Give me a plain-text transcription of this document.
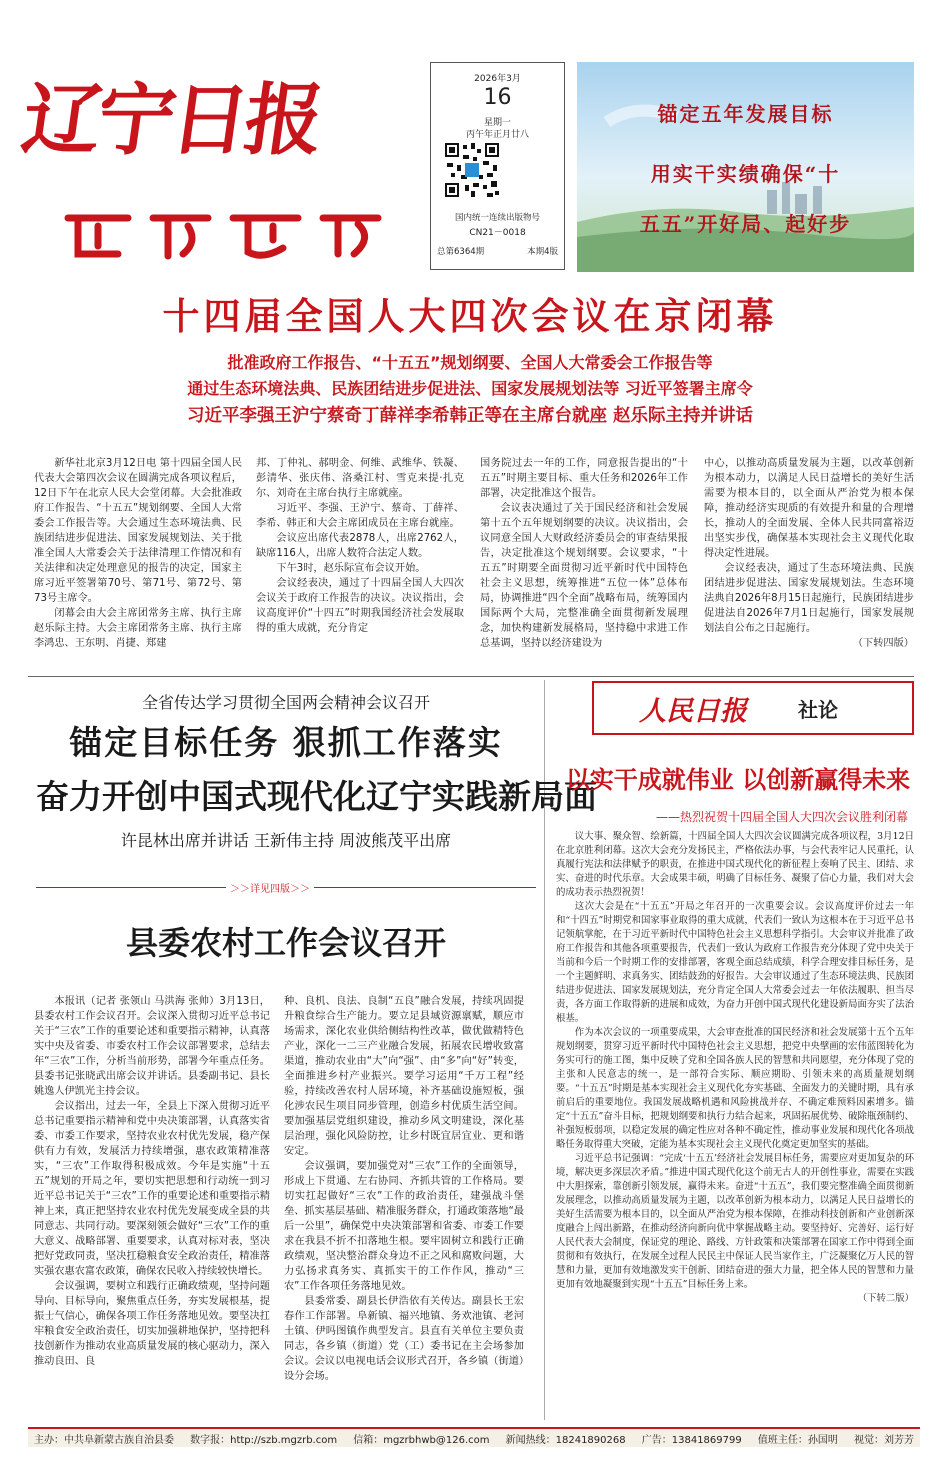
辽宁日报	2026年3月
16
星期一
丙午年正月廿八
国内统一连续出版物号
CN21－0018
总第6364期	本期4版
锚定五年发展目标
用实干实绩确保“十
五五”开好局、起好步
十四届全国人大四次会议在京闭幕
批准政府工作报告、“十五五”规划纲要、全国人大常委会工作报告等
通过生态环境法典、民族团结进步促进法、国家发展规划法等 习近平签署主席令
习近平李强王沪宁蔡奇丁薛祥李希韩正等在主席台就座 赵乐际主持并讲话

新华社北京3月12日电 第十四届全国人民代表大会第四次会议在圆满完成各项议程后，12日下午在北京人民大会堂闭幕。大会批准政府工作报告、“十五五”规划纲要、全国人大常委会工作报告等。大会通过生态环境法典、民族团结进步促进法、国家发展规划法、关于批准全国人大常委会关于法律清理工作情况和有关法律和决定处理意见的报告的决定，国家主席习近平签署第70号、第71号、第72号、第73号主席令。

闭幕会由大会主席团常务主席、执行主席赵乐际主持。大会主席团常务主席、执行主席李鸿忠、王东明、肖捷、郑建

邦、丁仲礼、郝明金、何维、武维华、铁凝、彭清华、张庆伟、洛桑江村、雪克来提·扎克尔、刘奇在主席台执行主席就座。

习近平、李强、王沪宁、蔡奇、丁薛祥、李希、韩正和大会主席团成员在主席台就座。

会议应出席代表2878人，出席2762人，缺席116人，出席人数符合法定人数。

下午3时，赵乐际宣布会议开始。

会议经表决，通过了十四届全国人大四次会议关于政府工作报告的决议。决议指出，会议高度评价“十四五”时期我国经济社会发展取得的重大成就，充分肯定

国务院过去一年的工作，同意报告提出的“十五五”时期主要目标、重大任务和2026年工作部署，决定批准这个报告。

会议表决通过了关于国民经济和社会发展第十五个五年规划纲要的决议。决议指出，会议同意全国人大财政经济委员会的审查结果报告，决定批准这个规划纲要。会议要求，“十五五”时期要全面贯彻习近平新时代中国特色社会主义思想，统筹推进“五位一体”总体布局，协调推进“四个全面”战略布局，统筹国内国际两个大局，完整准确全面贯彻新发展理念，加快构建新发展格局，坚持稳中求进工作总基调，坚持以经济建设为

中心，以推动高质量发展为主题，以改革创新为根本动力，以满足人民日益增长的美好生活需要为根本目的，以全面从严治党为根本保障，推动经济实现质的有效提升和量的合理增长，推动人的全面发展、全体人民共同富裕迈出坚实步伐，确保基本实现社会主义现代化取得决定性进展。

会议经表决，通过了生态环境法典、民族团结进步促进法、国家发展规划法。生态环境法典自2026年8月15日起施行，民族团结进步促进法自2026年7月1日起施行，国家发展规划法自公布之日起施行。

（下转四版）
全省传达学习贯彻全国两会精神会议召开
锚定目标任务 狠抓工作落实
奋力开创中国式现代化辽宁实践新局面
许昆林出席并讲话 王新伟主持 周波熊茂平出席
＞＞详见四版＞＞
县委农村工作会议召开

本报讯（记者 张领山 马洪海 张帅）3月13日，县委农村工作会议召开。会议深入贯彻习近平总书记关于“三农”工作的重要论述和重要指示精神，认真落实中央及省委、市委农村工作会议部署要求，总结去年“三农”工作，分析当前形势，部署今年重点任务。县委书记张晓武出席会议并讲话。县委副书记、县长姚逸人伊凯光主持会议。

会议指出，过去一年，全县上下深入贯彻习近平总书记重要指示精神和党中央决策部署，认真落实省委、市委工作要求，坚持农业农村优先发展，稳产保供有力有效，发展活力持续增强，惠农政策精准落实，“三农”工作取得积极成效。今年是实施“十五五”规划的开局之年，要切实把思想和行动统一到习近平总书记关于“三农”工作的重要论述和重要指示精神上来，真正把坚持农业农村优先发展变成全县的共同意志、共同行动。要深刻领会做好“三农”工作的重大意义、战略部署、重要要求，认真对标对表，坚决把好党政同责，坚决扛稳粮食安全政治责任，精准落实强农惠农富农政策，确保农民收入持续较快增长。

会议强调，要树立和践行正确政绩观，坚持问题导向、目标导向，聚焦重点任务，夯实发展根基，提振士气信心，确保各项工作任务落地见效。要坚决扛牢粮食安全政治责任，切实加强耕地保护，坚持把科技创新作为推动农业高质量发展的核心驱动力，深入推动良田、良

种、良机、良法、良制“五良”融合发展，持续巩固提升粮食综合生产能力。要立足县域资源禀赋，顺应市场需求，深化农业供给侧结构性改革，做优做精特色产业，深化一二三产业融合发展，拓展农民增收致富渠道，推动农业由“大”向“强”、由“多”向“好”转变，全面推进乡村产业振兴。要学习运用“千万工程”经验，持续改善农村人居环境，补齐基础设施短板，强化涉农民生项目同步管理，创造乡村优质生活空间。要加强基层党组织建设，推动乡风文明建设，深化基层治理，强化风险防控，让乡村既宜居宜业、更和谐安定。

会议强调，要加强党对“三农”工作的全面领导，形成上下贯通、左右协同、齐抓共管的工作格局。要切实扛起做好“三农”工作的政治责任，建强战斗堡垒、抓实基层基础、精准服务群众，打通政策落地“最后一公里”，确保党中央决策部署和省委、市委工作要求在我县不折不扣落地生根。要牢固树立和践行正确政绩观，坚决整治群众身边不正之风和腐败问题，大力弘扬求真务实、真抓实干的工作作风，推动“三农”工作各项任务落地见效。

县委常委、副县长伊浩依有关传达。副县长王宏春作工作部署。阜新镇、福兴地镇、务欢池镇、老河土镇、伊吗图镇作典型发言。县直有关单位主要负责同志，各乡镇（街道）党（工）委书记在主会场参加会议。会议以电视电话会议形式召开，各乡镇（街道）设分会场。

人民日报	社论
以实干成就伟业 以创新赢得未来
——热烈祝贺十四届全国人大四次会议胜利闭幕

议大事、聚众智、绘新篇，十四届全国人大四次会议圆满完成各项议程，3月12日在北京胜利闭幕。这次大会充分发扬民主，严格依法办事，与会代表牢记人民重托，认真履行宪法和法律赋予的职责，在推进中国式现代化的新征程上奏响了民主、团结、求实、奋进的时代乐章。大会成果丰硕，明确了目标任务、凝聚了信心力量，我们对大会的成功表示热烈祝贺！

这次大会是在“十五五”开局之年召开的一次重要会议。会议高度评价过去一年和“十四五”时期党和国家事业取得的重大成就，代表们一致认为这根本在于习近平总书记领航掌舵，在于习近平新时代中国特色社会主义思想科学指引。大会审议并批准了政府工作报告和其他各项重要报告，代表们一致认为政府工作报告充分体现了党中央关于当前和今后一个时期工作的安排部署，客观全面总结成绩，科学合理安排目标任务，是一个主题鲜明、求真务实、团结鼓劲的好报告。大会审议通过了生态环境法典、民族团结进步促进法、国家发展规划法，充分肯定全国人大常委会过去一年依法履职、担当尽责，各方面工作取得新的进展和成效，为奋力开创中国式现代化建设新局面夯实了法治根基。

作为本次会议的一项重要成果，大会审查批准的国民经济和社会发展第十五个五年规划纲要，贯穿习近平新时代中国特色社会主义思想，把党中央擘画的宏伟蓝图转化为务实可行的施工图，集中反映了党和全国各族人民的智慧和共同愿望，充分体现了党的主张和人民意志的统一，是一部符合实际、顺应期盼、引领未来的高质量规划纲要。“十五五”时期是基本实现社会主义现代化夯实基础、全面发力的关键时期，具有承前启后的重要地位。我国发展战略机遇和风险挑战并存、不确定难预料因素增多。锚定“十五五”奋斗目标，把规划纲要和执行力结合起来，巩固拓展优势、破除瓶颈制约、补强短板弱项，以稳定发展的确定性应对各种不确定性，推动事业发展和现代化各项战略任务取得重大突破，定能为基本实现社会主义现代化奠定更加坚实的基础。

习近平总书记强调：“完成‘十五五’经济社会发展目标任务，需要应对更加复杂的环境，解决更多深层次矛盾。”推进中国式现代化这个前无古人的开创性事业，需要在实践中大胆探索，靠创新引领发展，赢得未来。奋进“十五五”，我们要完整准确全面贯彻新发展理念，以推动高质量发展为主题，以改革创新为根本动力，以满足人民日益增长的美好生活需要为根本目的，以全面从严治党为根本保障，在推动科技创新和产业创新深度融合上闯出新路，在推动经济向新向优中掌握战略主动。要坚持好、完善好、运行好人民代表大会制度，保证党的理论、路线、方针政策和决策部署在国家工作中得到全面贯彻和有效执行，在发展全过程人民民主中保证人民当家作主，广泛凝聚亿万人民的智慧和力量，更加有效地激发实干创新、团结奋进的强大力量，把全体人民的智慧和力量更加有效地凝聚到实现“十五五”目标任务上来。

（下转二版）
主办：中共阜新蒙古族自治县委 数字报：http://szb.mgzrb.com 信箱：mgzrbhwb@126.com 新闻热线：18241890268 广告：13841869799 值班主任：孙国明 视觉：刘芳芳
